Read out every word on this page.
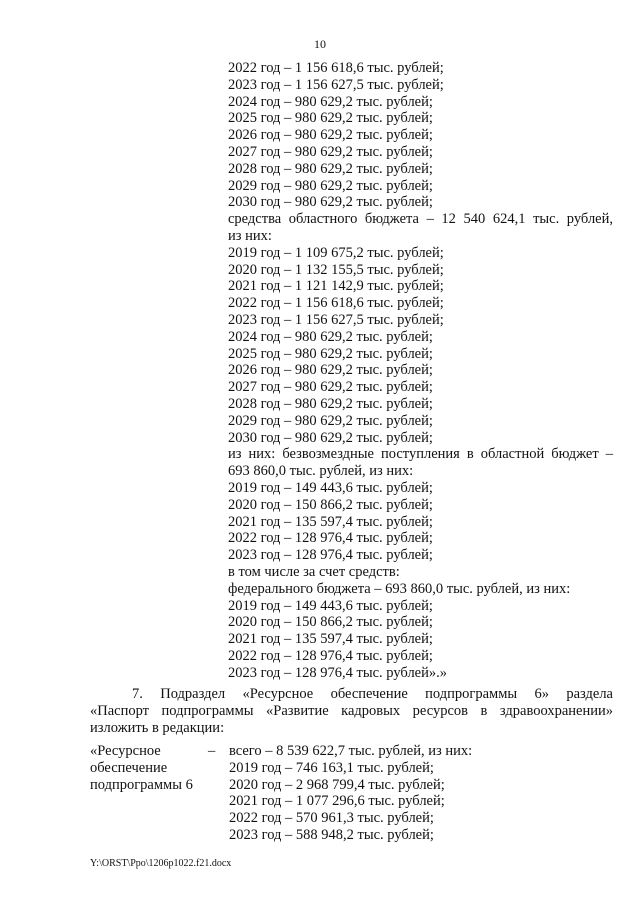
10
2022 год – 1 156 618,6 тыс. рублей;
2023 год – 1 156 627,5 тыс. рублей;
2024 год – 980 629,2 тыс. рублей;
2025 год – 980 629,2 тыс. рублей;
2026 год – 980 629,2 тыс. рублей;
2027 год – 980 629,2 тыс. рублей;
2028 год – 980 629,2 тыс. рублей;
2029 год – 980 629,2 тыс. рублей;
2030 год – 980 629,2 тыс. рублей;
средства областного бюджета – 12 540 624,1 тыс. рублей,
из них:
2019 год – 1 109 675,2 тыс. рублей;
2020 год – 1 132 155,5 тыс. рублей;
2021 год – 1 121 142,9 тыс. рублей;
2022 год – 1 156 618,6 тыс. рублей;
2023 год – 1 156 627,5 тыс. рублей;
2024 год – 980 629,2 тыс. рублей;
2025 год – 980 629,2 тыс. рублей;
2026 год – 980 629,2 тыс. рублей;
2027 год – 980 629,2 тыс. рублей;
2028 год – 980 629,2 тыс. рублей;
2029 год – 980 629,2 тыс. рублей;
2030 год – 980 629,2 тыс. рублей;
из них: безвозмездные поступления в областной бюджет –
693 860,0 тыс. рублей, из них:
2019 год – 149 443,6 тыс. рублей;
2020 год – 150 866,2 тыс. рублей;
2021 год – 135 597,4 тыс. рублей;
2022 год – 128 976,4 тыс. рублей;
2023 год – 128 976,4 тыс. рублей;
в том числе за счет средств:
федерального бюджета – 693 860,0 тыс. рублей, из них:
2019 год – 149 443,6 тыс. рублей;
2020 год – 150 866,2 тыс. рублей;
2021 год – 135 597,4 тыс. рублей;
2022 год – 128 976,4 тыс. рублей;
2023 год – 128 976,4 тыс. рублей».»
7. Подраздел «Ресурсное обеспечение подпрограммы 6» раздела
«Паспорт подпрограммы «Развитие кадровых ресурсов в здравоохранении»
изложить в редакции:
«Ресурсное
обеспечение
подпрограммы 6
– всего – 8 539 622,7 тыс. рублей, из них:
2019 год – 746 163,1 тыс. рублей;
2020 год – 2 968 799,4 тыс. рублей;
2021 год – 1 077 296,6 тыс. рублей;
2022 год – 570 961,3 тыс. рублей;
2023 год – 588 948,2 тыс. рублей;
Y:\ORST\Ppo\1206p1022.f21.docx
